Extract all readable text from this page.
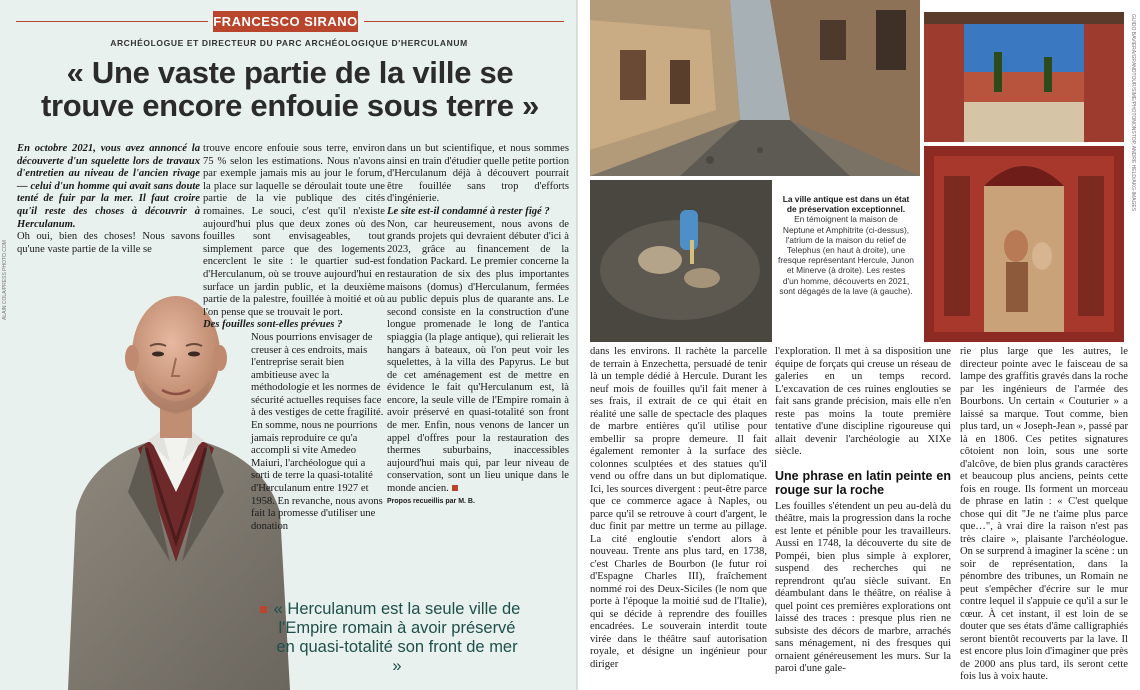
FRANCESCO SIRANO
ARCHÉOLOGUE ET DIRECTEUR DU PARC ARCHÉOLOGIQUE D'HERCULANUM
« Une vaste partie de la ville se
trouve encore enfouie sous terre »
ALAIN COLA/PRESS PHOTO.COM

En octobre 2021, vous avez annoncé la découverte d'un squelette lors de travaux d'entretien au niveau de l'ancien rivage — celui d'un homme qui avait sans doute tenté de fuir par la mer. Il faut croire qu'il reste des choses à découvrir à Herculanum.

Oh oui, bien des choses! Nous savons qu'une vaste partie de la ville se

trouve encore enfouie sous terre, environ 75 % selon les estimations. Nous n'avons par exemple jamais mis au jour le forum, la place sur laquelle se déroulait toute une partie de la vie publique des cités romaines. Le souci, c'est qu'il n'existe aujourd'hui plus que deux zones où des fouilles sont envisageables, tout simplement parce que des logements encerclent le site : le quartier sud-est d'Herculanum, où se trouve aujourd'hui en surface un jardin public, et la deuxième partie de la palestre, fouillée à moitié et où l'on pense que se trouvait le port.

Des fouilles sont-elles prévues ?

Nous pourrions envisager de creuser à ces endroits, mais l'entreprise serait bien ambitieuse avec la méthodologie et les normes de sécurité actuelles requises face à des vestiges de cette fragilité. En somme, nous ne pourrions jamais reproduire ce qu'a accompli si vite Amedeo Maiuri, l'archéologue qui a sorti de terre la quasi-totalité d'Herculanum entre 1927 et 1958. En revanche, nous avons fait la promesse d'utiliser une donation

dans un but scientifique, et nous sommes ainsi en train d'étudier quelle petite portion d'Herculanum déjà à découvert pourrait être fouillée sans trop d'efforts d'ingénierie.

Le site est-il condamné à rester figé ?

Non, car heureusement, nous avons de grands projets qui devraient débuter d'ici à 2023, grâce au financement de la fondation Packard. Le premier concerne la restauration de six des plus importantes maisons (domus) d'Herculanum, fermées au public depuis plus de quarante ans. Le second consiste en la construction d'une longue promenade le long de l'antica spiaggia (la plage antique), qui relierait les hangars à bateaux, où l'on peut voir les squelettes, à la villa des Papyrus. Le but de cet aménagement est de mettre en évidence le fait qu'Herculanum est, là encore, la seule ville de l'Empire romain à avoir préservé en quasi-totalité son front de mer. Enfin, nous venons de lancer un appel d'offres pour la restauration des thermes suburbains, inaccessibles aujourd'hui mais qui, par leur niveau de conservation, sont un lieu unique dans le monde ancien.

Propos recueillis par M. B.

« Herculanum est la seule ville de l'Empire romain à avoir préservé en quasi-totalité son front de mer »
La ville antique est dans un état de préservation exceptionnel.
En témoignent la maison de Neptune et Amphitrite (ci-dessus), l'atrium de la maison du relief de Telephus (en haut à droite), une fresque représentant Hercule, Junon et Minerve (à droite). Les restes d'un homme, découverts en 2021, sont dégagés de la lave (à gauche).
GUIDO BAVIERA/GRANDTOUR/SIME/PHOTONONSTOP, ANDRE HELD/AKG-IMAGES

dans les environs. Il rachète la parcelle de terrain à Enzechetta, persuadé de tenir là un temple dédié à Hercule. Durant les neuf mois de fouilles qu'il fait mener à ses frais, il extrait de ce qui était en réalité une salle de spectacle des plaques de marbre entières qu'il utilise pour embellir sa propre demeure. Il fait également remonter à la surface des colonnes sculptées et des statues qu'il vend ou offre dans un but diplomatique. Ici, les sources divergent : peut-être parce que ce commerce agace à Naples, ou parce qu'il se retrouve à court d'argent, le duc finit par mettre un terme au pillage. La cité engloutie s'endort alors à nouveau. Trente ans plus tard, en 1738, c'est Charles de Bourbon (le futur roi d'Espagne Charles III), fraîchement nommé roi des Deux-Siciles (le nom que porte à l'époque la moitié sud de l'Italie), qui se décide à reprendre des fouilles encadrées. Le souverain interdit toute virée dans le théâtre sauf autorisation royale, et désigne un ingénieur pour diriger

l'exploration. Il met à sa disposition une équipe de forçats qui creuse un réseau de galeries en un temps record. L'excavation de ces ruines englouties se fait sans grande précision, mais elle n'en reste pas moins la toute première tentative d'une discipline rigoureuse qui allait devenir l'archéologie au XIXe siècle.

Une phrase en latin peinte en rouge sur la roche

Les fouilles s'étendent un peu au-delà du théâtre, mais la progression dans la roche est lente et pénible pour les travailleurs. Aussi en 1748, la découverte du site de Pompéi, bien plus simple à explorer, suspend des recherches qui ne reprendront qu'au siècle suivant. En déambulant dans le théâtre, on réalise à quel point ces premières explorations ont laissé des traces : presque plus rien ne subsiste des décors de marbre, arrachés sans ménagement, ni des fresques qui ornaient généreusement les murs. Sur la paroi d'une gale-

rie plus large que les autres, le directeur pointe avec le faisceau de sa lampe des graffitis gravés dans la roche par les ingénieurs de l'armée des Bourbons. Un certain « Couturier » a laissé sa marque. Tout comme, bien plus tard, un « Joseph-Jean », passé par là en 1806. Ces petites signatures côtoient non loin, sous une sorte d'alcôve, de bien plus grands caractères et beaucoup plus anciens, peints cette fois en rouge. Ils forment un morceau de phrase en latin : « C'est quelque chose qui dit "Je ne t'aime plus parce que…", à vrai dire la raison n'est pas très claire », plaisante l'archéologue. On se surprend à imaginer la scène : un soir de représentation, dans la pénombre des tribunes, un Romain ne peut s'empêcher d'écrire sur le mur contre lequel il s'appuie ce qu'il a sur le cœur. À cet instant, il est loin de se douter que ses états d'âme calligraphiés seront bientôt recouverts par la lave. Il est encore plus loin d'imaginer que près de 2000 ans plus tard, ils seront cette fois lus à voix haute.
